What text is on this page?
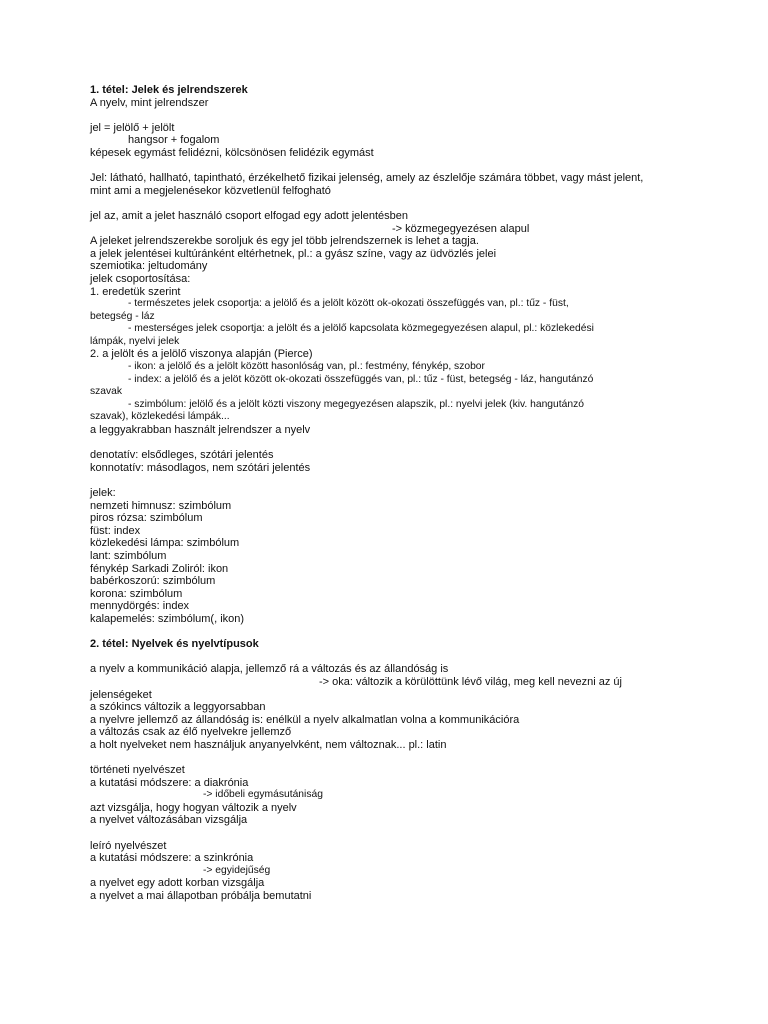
1. tétel: Jelek és jelrendszerek
A nyelv, mint jelrendszer
jel = jelölő + jelölt
hangsor + fogalom
képesek egymást felidézni, kölcsönösen felidézik egymást
Jel: látható, hallható, tapintható, érzékelhető fizikai jelenség, amely az észlelője számára többet, vagy mást jelent,
mint ami a megjelenésekor közvetlenül felfogható
jel az, amit a jelet használó csoport elfogad egy adott jelentésben
-> közmegegyezésen alapul
A jeleket jelrendszerekbe soroljuk és egy jel több jelrendszernek is lehet a tagja.
a jelek jelentései kultúránként eltérhetnek, pl.: a gyász színe, vagy az üdvözlés jelei
szemiotika: jeltudomány
jelek csoportosítása:
1. eredetük szerint
- természetes jelek csoportja: a jelölő és a jelölt között ok-okozati összefüggés van, pl.: tűz - füst,
betegség - láz
- mesterséges jelek csoportja: a jelölt és a jelölő kapcsolata közmegegyezésen alapul, pl.: közlekedési
lámpák, nyelvi jelek
2. a jelölt és a jelölő viszonya alapján (Pierce)
- ikon: a jelölő és a jelölt között hasonlóság van, pl.: festmény, fénykép, szobor
- index: a jelölő és a jelöt között ok-okozati összefüggés van, pl.: tűz - füst, betegség - láz, hangutánzó
szavak
- szimbólum: jelölő és a jelölt közti viszony megegyezésen alapszik, pl.: nyelvi jelek (kiv. hangutánzó
szavak), közlekedési lámpák...
a leggyakrabban használt jelrendszer a nyelv
denotatív: elsődleges, szótári jelentés
konnotatív: másodlagos, nem szótári jelentés
jelek:
nemzeti himnusz: szimbólum
piros rózsa: szimbólum
füst: index
közlekedési lámpa: szimbólum
lant: szimbólum
fénykép Sarkadi Zoliról: ikon
babérkoszorú: szimbólum
korona: szimbólum
mennydörgés: index
kalapemelés: szimbólum(, ikon)
2. tétel: Nyelvek és nyelvtípusok
a nyelv a kommunikáció alapja, jellemző rá a változás és az állandóság is
-> oka: változik a körülöttünk lévő világ, meg kell nevezni az új
jelenségeket
a szókincs változik a leggyorsabban
a nyelvre jellemző az állandóság is: enélkül a nyelv alkalmatlan volna a kommunikációra
a változás csak az élő nyelvekre jellemző
a holt nyelveket nem használjuk anyanyelvként, nem változnak... pl.: latin
történeti nyelvészet
a kutatási módszere: a diakrónia
-> időbeli egymásutániság
azt vizsgálja, hogy hogyan változik a nyelv
a nyelvet változásában vizsgálja
leíró nyelvészet
a kutatási módszere: a szinkrónia
-> egyidejűség
a nyelvet egy adott korban vizsgálja
a nyelvet a mai állapotban próbálja bemutatni
